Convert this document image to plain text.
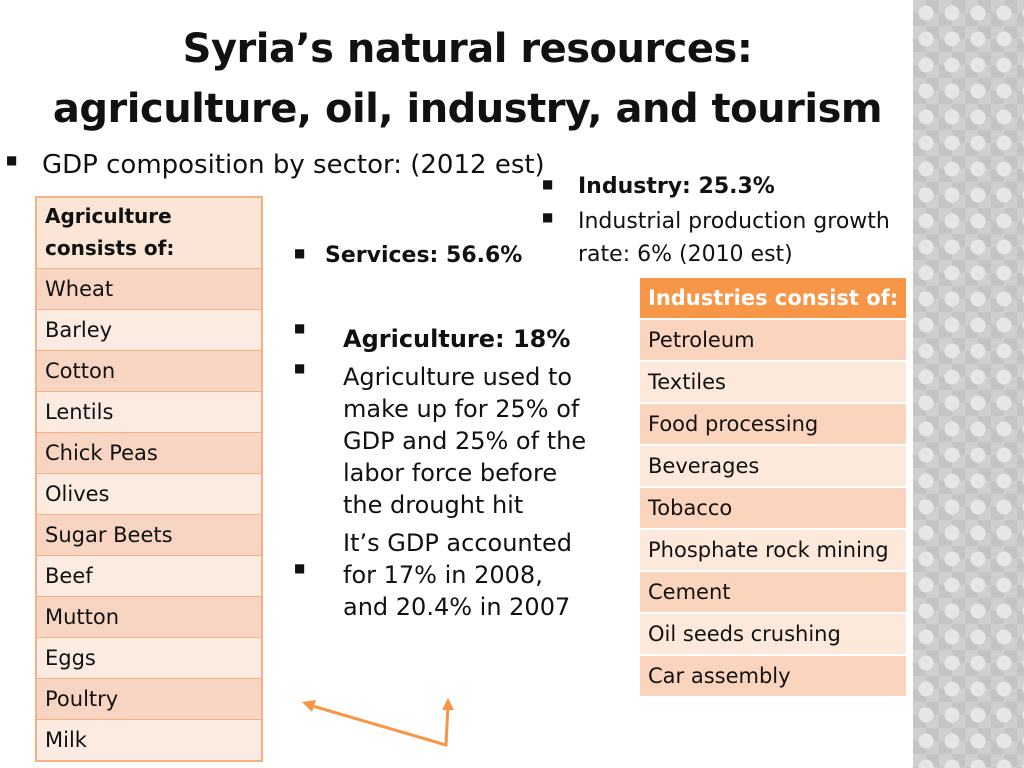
Syria’s natural resources:
agriculture, oil, industry, and tourism
■ GDP composition by sector: (2012 est)
■ Industry: 25.3%
■ Industrial production growth rate: 6% (2010 est)
■ Services: 56.6%
■
■
■

Agriculture: 18%

Agriculture used to make up for 25% of GDP and 25% of the labor force before the drought hit

It’s GDP accounted for 17% in 2008, and 20.4% in 2007

Agriculture consists of:
Wheat
Barley
Cotton
Lentils
Chick Peas
Olives
Sugar Beets
Beef
Mutton
Eggs
Poultry
Milk
Industries consist of:
Petroleum
Textiles
Food processing
Beverages
Tobacco
Phosphate rock mining
Cement
Oil seeds crushing
Car assembly
